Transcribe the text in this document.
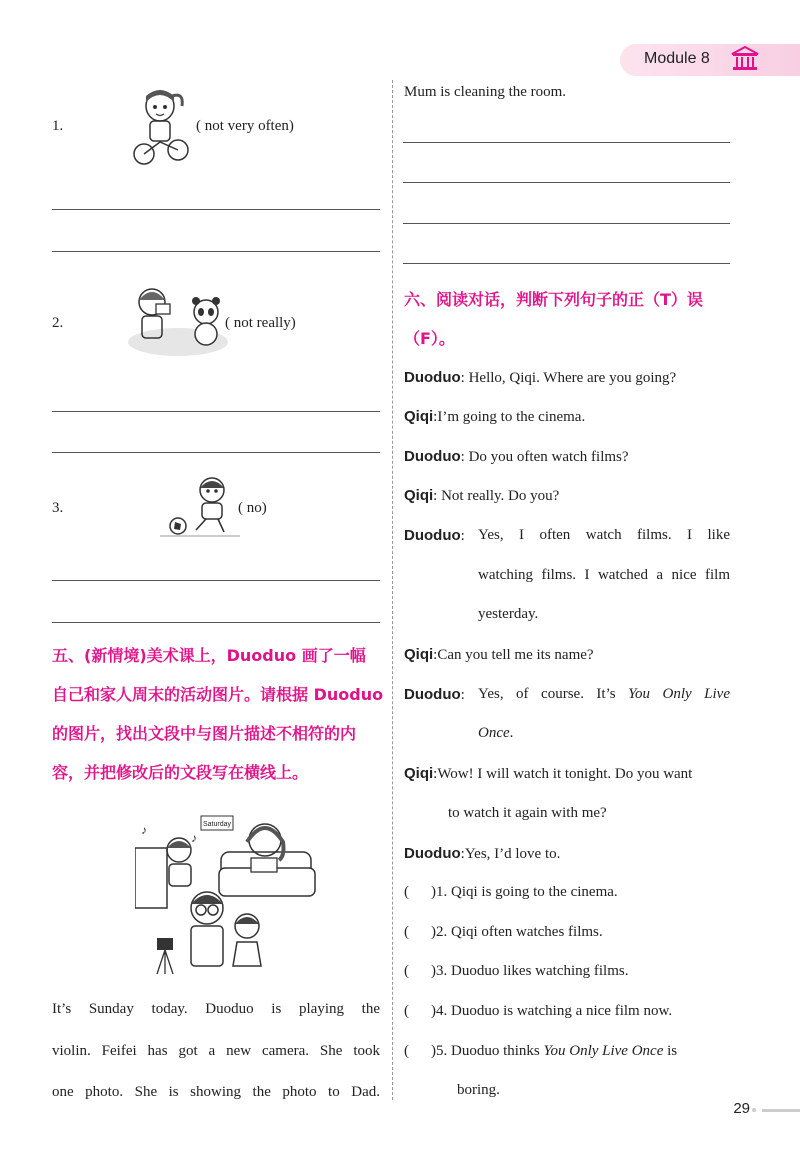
Module 8
1.	( not very often)
2.	( not really)
3.	( no)
五、(新情境)美术课上，Duoduo 画了一幅
自己和家人周末的活动图片。请根据 Duoduo
的图片，找出文段中与图片描述不相符的内
容，并把修改后的文段写在横线上。
Saturday
♪
♪
It’s Sunday today. Duoduo is playing the
violin. Feifei has got a new camera. She took
one photo. She is showing the photo to Dad.
Mum is cleaning the room.
六、阅读对话，判断下列句子的正（T）误
（F）。
Duoduo: Hello, Qiqi. Where are you going?
Qiqi:I’m going to the cinema.
Duoduo: Do you often watch films?
Qiqi: Not really. Do you?
Duoduo: Yes, I often watch films. I like
watching films. I watched a nice film
yesterday.
Qiqi:Can you tell me its name?
Duoduo: Yes, of course. It’s You Only Live
Once.
Qiqi:Wow! I will watch it tonight. Do you want
to watch it again with me?
Duoduo:Yes, I’d love to.
( )1. Qiqi is going to the cinema.
( )2. Qiqi often watches films.
( )3. Duoduo likes watching films.
( )4. Duoduo is watching a nice film now.
( )5. Duoduo thinks You Only Live Once is
boring.
29
